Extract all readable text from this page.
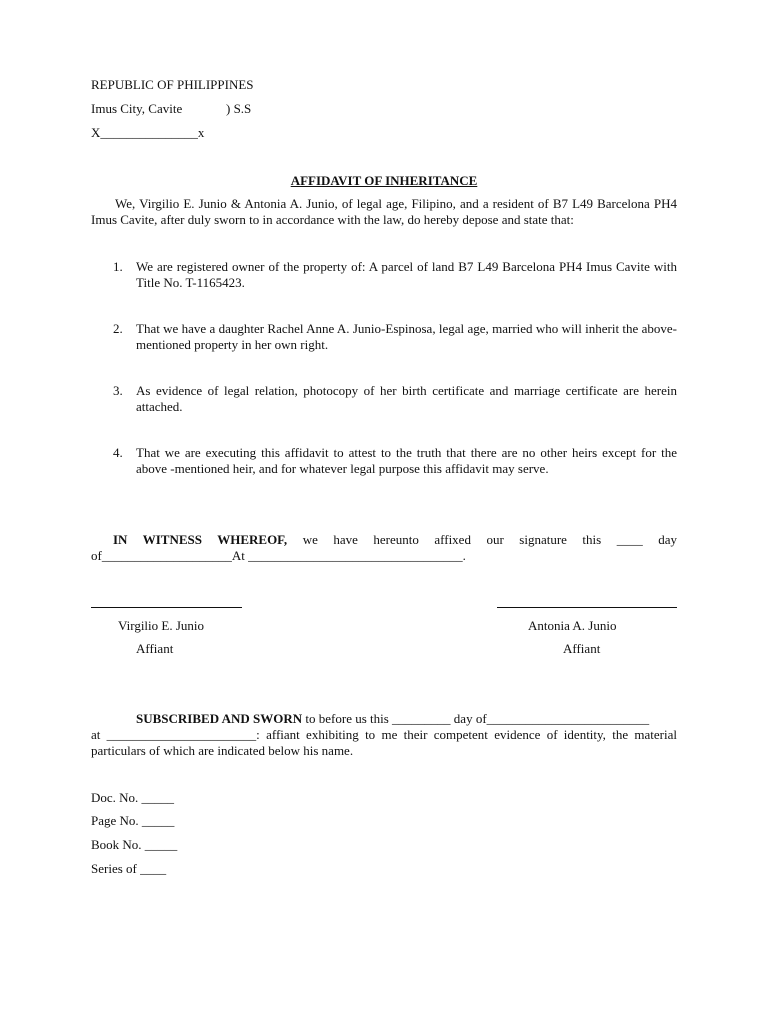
REPUBLIC OF PHILIPPINES
Imus City, Cavite	) S.S
X_______________x
AFFIDAVIT OF INHERITANCE
We, Virgilio E. Junio & Antonia A. Junio, of legal age, Filipino, and a resident of B7 L49 Barcelona PH4 Imus Cavite, after duly sworn to in accordance with the law, do hereby depose and state that:
1. We are registered owner of the property of: A parcel of land B7 L49 Barcelona PH4 Imus Cavite with Title No. T-1165423.
2. That we have a daughter Rachel Anne A. Junio-Espinosa, legal age, married who will inherit the above-mentioned property in her own right.
3. As evidence of legal relation, photocopy of her birth certificate and marriage certificate are herein attached.
4. That we are executing this affidavit to attest to the truth that there are no other heirs except for the above -mentioned heir, and for whatever legal purpose this affidavit may serve.
IN WITNESS WHEREOF, we have hereunto affixed our signature this ____ day
of____________________At _________________________________.
Virgilio E. Junio
Affiant
Antonia A. Junio
Affiant
SUBSCRIBED AND SWORN to before us this _________ day of_________________________
at _______________________: affiant exhibiting to me their competent evidence of identity, the material
particulars of which are indicated below his name.
Doc. No. _____
Page No. _____
Book No. _____
Series of ____
